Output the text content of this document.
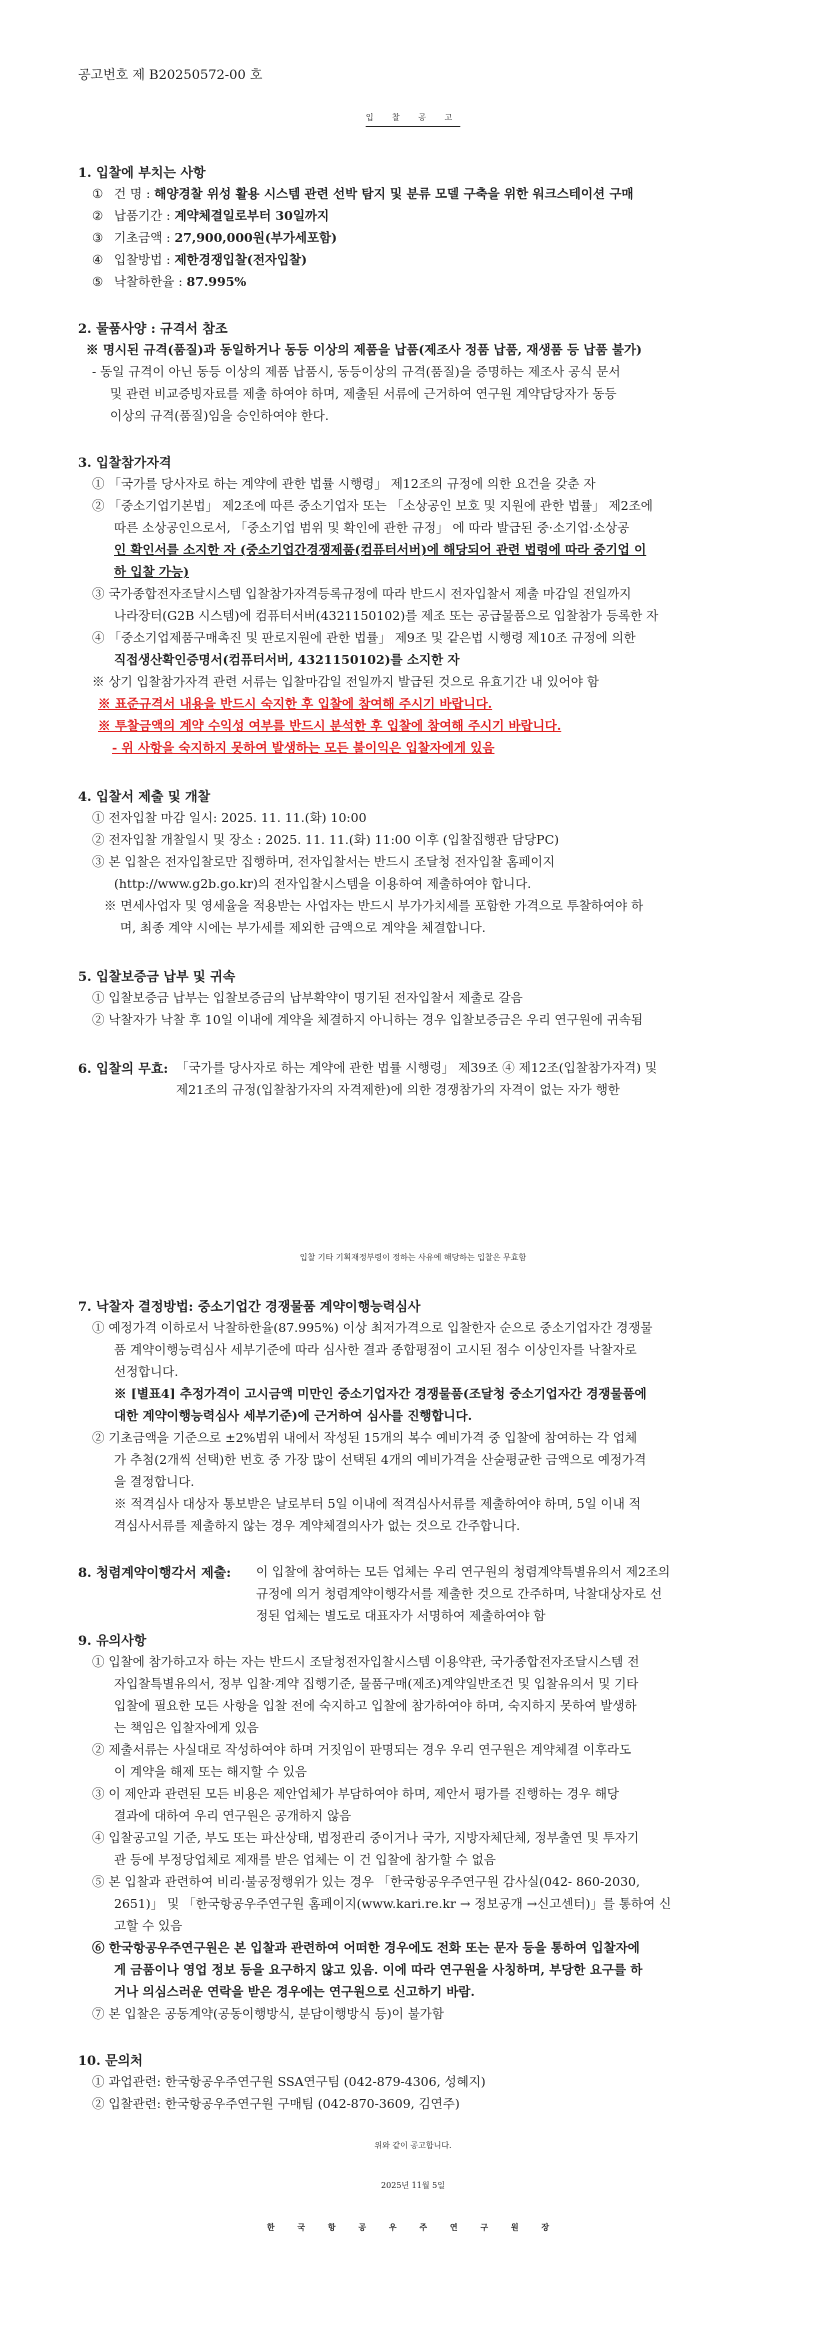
공고번호 제 B20250572-00 호
입 찰 공 고
1. 입찰에 부치는 사항
① 건 명 : 해양경찰 위성 활용 시스템 관련 선박 탐지 및 분류 모델 구축을 위한 워크스테이션 구매
② 납품기간 : 계약체결일로부터 30일까지
③ 기초금액 : 27,900,000원(부가세포함)
④ 입찰방법 : 제한경쟁입찰(전자입찰)
⑤ 낙찰하한율 : 87.995%
2. 물품사양 : 규격서 참조
※ 명시된 규격(품질)과 동일하거나 동등 이상의 제품을 납품(제조사 정품 납품, 재생품 등 납품 불가)
- 동일 규격이 아닌 동등 이상의 제품 납품시, 동등이상의 규격(품질)을 증명하는 제조사 공식 문서
및 관련 비교증빙자료를 제출 하여야 하며, 제출된 서류에 근거하여 연구원 계약담당자가 동등
이상의 규격(품질)임을 승인하여야 한다.
3. 입찰참가자격
① 「국가를 당사자로 하는 계약에 관한 법률 시행령」 제12조의 규정에 의한 요건을 갖춘 자
② 「중소기업기본법」 제2조에 따른 중소기업자 또는 「소상공인 보호 및 지원에 관한 법률」 제2조에
따른 소상공인으로서, 「중소기업 범위 및 확인에 관한 규정」 에 따라 발급된 중·소기업·소상공
인 확인서를 소지한 자 (중소기업간경쟁제품(컴퓨터서버)에 해당되어 관련 법령에 따라 중기업 이
하 입찰 가능)
③ 국가종합전자조달시스템 입찰참가자격등록규정에 따라 반드시 전자입찰서 제출 마감일 전일까지
나라장터(G2B 시스템)에 컴퓨터서버(4321150102)를 제조 또는 공급물품으로 입찰참가 등록한 자
④ 「중소기업제품구매촉진 및 판로지원에 관한 법률」 제9조 및 같은법 시행령 제10조 규정에 의한
직접생산확인증명서(컴퓨터서버, 4321150102)를 소지한 자
※ 상기 입찰참가자격 관련 서류는 입찰마감일 전일까지 발급된 것으로 유효기간 내 있어야 함
※ 표준규격서 내용을 반드시 숙지한 후 입찰에 참여해 주시기 바랍니다.
※ 투찰금액의 계약 수익성 여부를 반드시 분석한 후 입찰에 참여해 주시기 바랍니다.
- 위 사항을 숙지하지 못하여 발생하는 모든 불이익은 입찰자에게 있음
4. 입찰서 제출 및 개찰
① 전자입찰 마감 일시: 2025. 11. 11.(화) 10:00
② 전자입찰 개찰일시 및 장소 : 2025. 11. 11.(화) 11:00 이후 (입찰집행관 담당PC)
③ 본 입찰은 전자입찰로만 집행하며, 전자입찰서는 반드시 조달청 전자입찰 홈페이지
(http://www.g2b.go.kr)의 전자입찰시스템을 이용하여 제출하여야 합니다.
※ 면세사업자 및 영세율을 적용받는 사업자는 반드시 부가가치세를 포함한 가격으로 투찰하여야 하
며, 최종 계약 시에는 부가세를 제외한 금액으로 계약을 체결합니다.
5. 입찰보증금 납부 및 귀속
① 입찰보증금 납부는 입찰보증금의 납부확약이 명기된 전자입찰서 제출로 갈음
② 낙찰자가 낙찰 후 10일 이내에 계약을 체결하지 아니하는 경우 입찰보증금은 우리 연구원에 귀속됨
6. 입찰의 무효: 「국가를 당사자로 하는 계약에 관한 법률 시행령」 제39조 ④ 제12조(입찰참가자격) 및
제21조의 규정(입찰참가자의 자격제한)에 의한 경쟁참가의 자격이 없는 자가 행한
입찰 기타 기획재정부령이 정하는 사유에 해당하는 입찰은 무효함
7. 낙찰자 결정방법: 중소기업간 경쟁물품 계약이행능력심사
① 예정가격 이하로서 낙찰하한율(87.995%) 이상 최저가격으로 입찰한자 순으로 중소기업자간 경쟁물
품 계약이행능력심사 세부기준에 따라 심사한 결과 종합평점이 고시된 점수 이상인자를 낙찰자로
선정합니다.
※ [별표4] 추정가격이 고시금액 미만인 중소기업자간 경쟁물품(조달청 중소기업자간 경쟁물품에
대한 계약이행능력심사 세부기준)에 근거하여 심사를 진행합니다.
② 기초금액을 기준으로 ±2%범위 내에서 작성된 15개의 복수 예비가격 중 입찰에 참여하는 각 업체
가 추첨(2개씩 선택)한 번호 중 가장 많이 선택된 4개의 예비가격을 산술평균한 금액으로 예정가격
을 결정합니다.
※ 적격심사 대상자 통보받은 날로부터 5일 이내에 적격심사서류를 제출하여야 하며, 5일 이내 적
격심사서류를 제출하지 않는 경우 계약체결의사가 없는 것으로 간주합니다.
8. 청렴계약이행각서 제출: 이 입찰에 참여하는 모든 업체는 우리 연구원의 청렴계약특별유의서 제2조의
규정에 의거 청렴계약이행각서를 제출한 것으로 간주하며, 낙찰대상자로 선
정된 업체는 별도로 대표자가 서명하여 제출하여야 함
9. 유의사항
① 입찰에 참가하고자 하는 자는 반드시 조달청전자입찰시스템 이용약관, 국가종합전자조달시스템 전
자입찰특별유의서, 정부 입찰·계약 집행기준, 물품구매(제조)계약일반조건 및 입찰유의서 및 기타
입찰에 필요한 모든 사항을 입찰 전에 숙지하고 입찰에 참가하여야 하며, 숙지하지 못하여 발생하
는 책임은 입찰자에게 있음
② 제출서류는 사실대로 작성하여야 하며 거짓임이 판명되는 경우 우리 연구원은 계약체결 이후라도
이 계약을 해제 또는 해지할 수 있음
③ 이 제안과 관련된 모든 비용은 제안업체가 부담하여야 하며, 제안서 평가를 진행하는 경우 해당
결과에 대하여 우리 연구원은 공개하지 않음
④ 입찰공고일 기준, 부도 또는 파산상태, 법정관리 중이거나 국가, 지방자체단체, 정부출연 및 투자기
관 등에 부정당업체로 제재를 받은 업체는 이 건 입찰에 참가할 수 없음
⑤ 본 입찰과 관련하여 비리·불공정행위가 있는 경우 「한국항공우주연구원 감사실(042- 860-2030,
2651)」 및 「한국항공우주연구원 홈페이지(www.kari.re.kr → 정보공개 →신고센터)」를 통하여 신
고할 수 있음
⑥ 한국항공우주연구원은 본 입찰과 관련하여 어떠한 경우에도 전화 또는 문자 등을 통하여 입찰자에
게 금품이나 영업 정보 등을 요구하지 않고 있음. 이에 따라 연구원을 사칭하며, 부당한 요구를 하
거나 의심스러운 연락을 받은 경우에는 연구원으로 신고하기 바람.
⑦ 본 입찰은 공동계약(공동이행방식, 분담이행방식 등)이 불가함
10. 문의처
① 과업관련: 한국항공우주연구원 SSA연구팀 (042-879-4306, 성혜지)
② 입찰관련: 한국항공우주연구원 구매팀 (042-870-3609, 김연주)
위와 같이 공고합니다.
2025년 11월 5일
한 국 항 공 우 주 연 구 원 장
